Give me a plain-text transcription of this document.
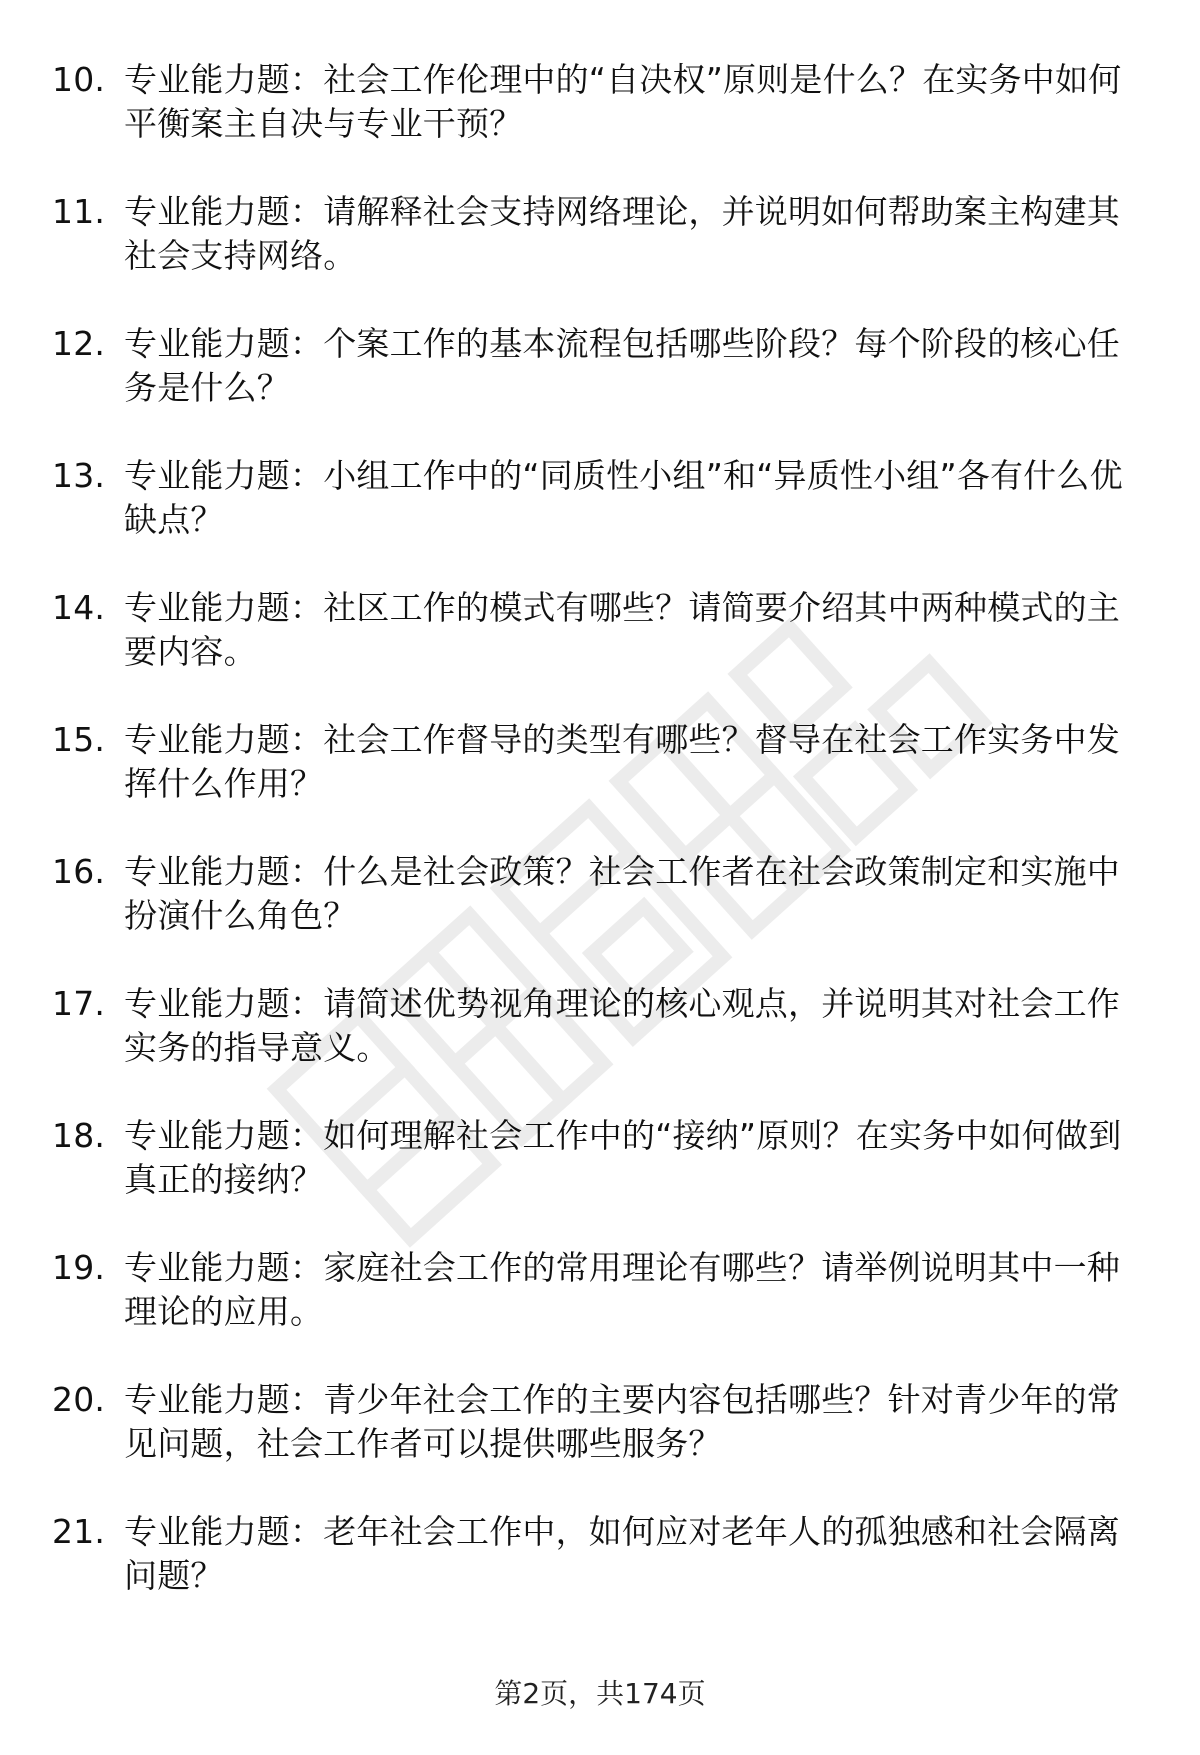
10. 专业能力题：社会工作伦理中的“自决权”原则是什么？在实务中如何平衡案主自决与专业干预？
11. 专业能力题：请解释社会支持网络理论，并说明如何帮助案主构建其社会支持网络。
12. 专业能力题：个案工作的基本流程包括哪些阶段？每个阶段的核心任务是什么？
13. 专业能力题：小组工作中的“同质性小组”和“异质性小组”各有什么优缺点？
14. 专业能力题：社区工作的模式有哪些？请简要介绍其中两种模式的主要内容。
15. 专业能力题：社会工作督导的类型有哪些？督导在社会工作实务中发挥什么作用？
16. 专业能力题：什么是社会政策？社会工作者在社会政策制定和实施中扮演什么角色？
17. 专业能力题：请简述优势视角理论的核心观点，并说明其对社会工作实务的指导意义。
18. 专业能力题：如何理解社会工作中的“接纳”原则？在实务中如何做到真正的接纳？
19. 专业能力题：家庭社会工作的常用理论有哪些？请举例说明其中一种理论的应用。
20. 专业能力题：青少年社会工作的主要内容包括哪些？针对青少年的常见问题，社会工作者可以提供哪些服务？
21. 专业能力题：老年社会工作中，如何应对老年人的孤独感和社会隔离问题？
第2页，共174页
